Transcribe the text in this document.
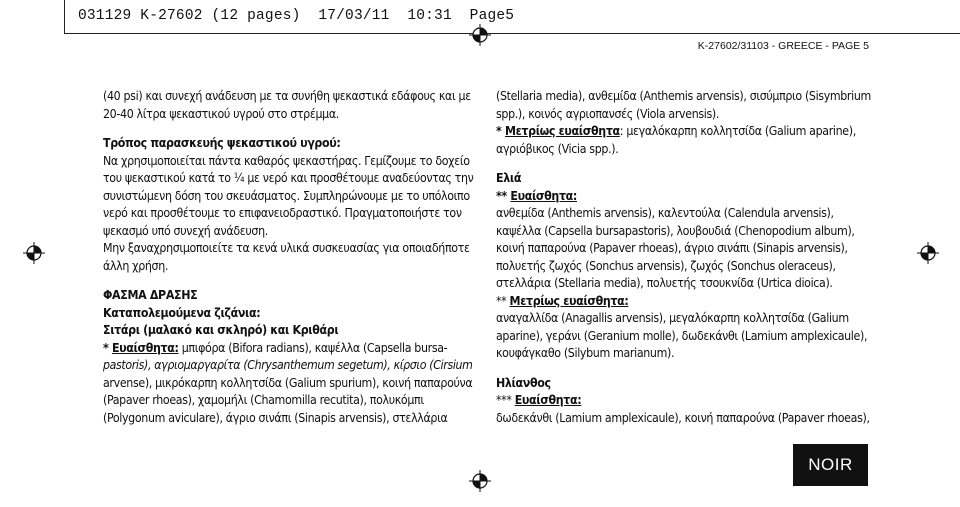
031129 K-27602 (12 pages)  17/03/11  10:31  Page5
K-27602/31103 - GREECE - PAGE 5

(40 psi) και συνεχή ανάδευση με τα συνήθη ψεκαστικά εδάφους και με

20-40 λίτρα ψεκαστικού υγρού στο στρέμμα.

Τρόπος παρασκευής ψεκαστικού υγρού:

Να χρησιμοποιείται πάντα καθαρός ψεκαστήρας. Γεμίζουμε το δοχείο

του ψεκαστικού κατά το ¼ με νερό και προσθέτουμε αναδεύοντας την

συνιστώμενη δόση του σκευάσματος. Συμπληρώνουμε με το υπόλοιπο

νερό και προσθέτουμε το επιφανειοδραστικό. Πραγματοποιήστε τον

ψεκασμό υπό συνεχή ανάδευση.

Μην ξαναχρησιμοποιείτε τα κενά υλικά συσκευασίας για οποιαδήποτε

άλλη χρήση.

ΦΑΣΜΑ ΔΡΑΣΗΣ

Καταπολεμούμενα ζιζάνια:

Σιτάρι (μαλακό και σκληρό) και Κριθάρι

* Ευαίσθητα: μπιφόρα (Bifora radians), καψέλλα (Capsella bursa-

pastoris), αγριομαργαρίτα (Chrysanthemum segetum), κίρσιο (Cirsium

arvense), μικρόκαρπη κολλητσίδα (Galium spurium), κοινή παπαρούνα

(Papaver rhoeas), χαμομήλι (Chamomilla recutita), πολυκόμπι

(Polygonum aviculare), άγριο σινάπι (Sinapis arvensis), στελλάρια

(Stellaria media), ανθεμίδα (Anthemis arvensis), σισύμπριο (Sisymbrium

spp.), κοινός αγριοπανσές (Viola arvensis).

* Μετρίως ευαίσθητα: μεγαλόκαρπη κολλητσίδα (Galium aparine),

αγριόβικος (Vicia spp.).

Ελιά

** Ευαίσθητα:

ανθεμίδα (Anthemis arvensis), καλεντούλα (Calendula arvensis),

καψέλλα (Capsella bursapastoris), λουβουδιά (Chenopodium album),

κοινή παπαρούνα (Papaver rhoeas), άγριο σινάπι (Sinapis arvensis),

πολυετής ζωχός (Sonchus arvensis), ζωχός (Sonchus oleraceus),

στελλάρια (Stellaria media), πολυετής τσουκνίδα (Urtica dioica).

** Μετρίως ευαίσθητα:

αναγαλλίδα (Anagallis arvensis), μεγαλόκαρπη κολλητσίδα (Galium

aparine), γεράνι (Geranium molle), δωδεκάνθι (Lamium amplexicaule),

κουφάγκαθο (Silybum marianum).

Ηλίανθος

*** Ευαίσθητα:

δωδεκάνθι (Lamium amplexicaule), κοινή παπαρούνα (Papaver rhoeas),

NOIR
